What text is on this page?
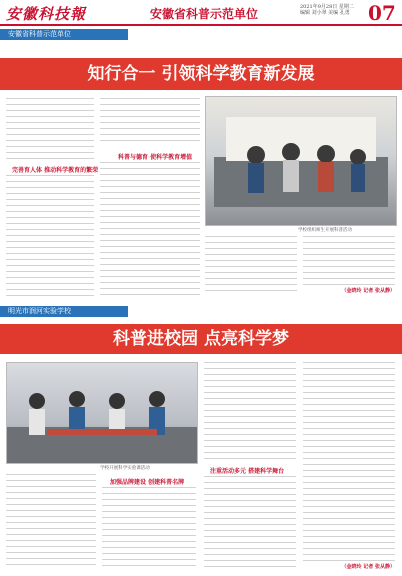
安徽科技報	安徽省科普示范单位	2021年9月28日 星期二
编辑 刘小翠 美编 孔勇 07
安徽省科普示范单位
知行合一 引领科学教育新发展
完善育人体 推动科学教育的繁荣
科普与德育 使科学教育增值
学校组织师生开展科普活动
（金晓玲 记者 张从静）
明光市润河实验学校
科普进校园 点亮科学梦
学校开展科学实验课活动
加强品牌建设 创建科普名牌
注重活动多元 搭建科学舞台
（金晓玲 记者 张从静）
